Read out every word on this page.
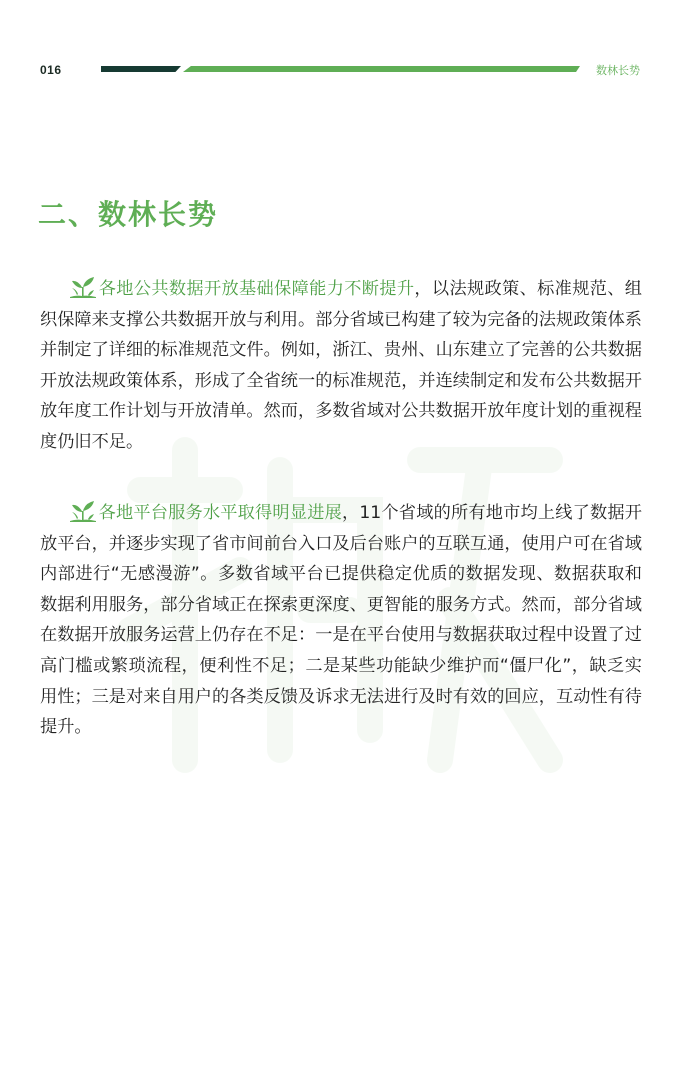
016	数林长势
二、数林长势

各地公共数据开放基础保障能力不断提升，以法规政策、标准规范、组织保障来支撑公共数据开放与利用。部分省域已构建了较为完备的法规政策体系并制定了详细的标准规范文件。例如，浙江、贵州、山东建立了完善的公共数据开放法规政策体系，形成了全省统一的标准规范，并连续制定和发布公共数据开放年度工作计划与开放清单。然而，多数省域对公共数据开放年度计划的重视程度仍旧不足。

各地平台服务水平取得明显进展，11个省域的所有地市均上线了数据开放平台，并逐步实现了省市间前台入口及后台账户的互联互通，使用户可在省域内部进行“无感漫游”。多数省域平台已提供稳定优质的数据发现、数据获取和数据利用服务，部分省域正在探索更深度、更智能的服务方式。然而，部分省域在数据开放服务运营上仍存在不足：一是在平台使用与数据获取过程中设置了过高门槛或繁琐流程，便利性不足；二是某些功能缺少维护而“僵尸化”，缺乏实用性；三是对来自用户的各类反馈及诉求无法进行及时有效的回应，互动性有待提升。
